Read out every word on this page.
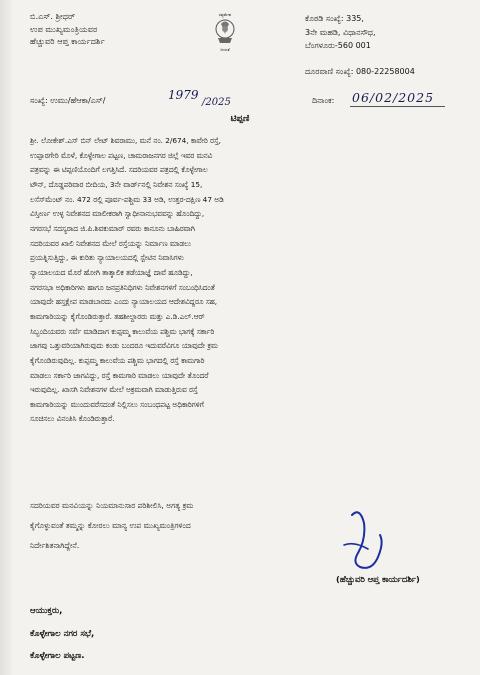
ಬಿ.ಎಸ್. ಶ್ರೀಧರ್
ಉಪ ಮುಖ್ಯಮಂತ್ರಿಯವರ
ಹೆಚ್ಚುವರಿ ಆಪ್ತ ಕಾರ್ಯದರ್ಶಿ
ಸತ್ಯಮೇವ
ಜಯತೆ
ಕೊಠಡಿ ಸಂಖ್ಯೆ: 335,
3ನೇ ಮಹಡಿ, ವಿಧಾನಸೌಧ,
ಬೆಂಗಳೂರು-560 001
ದೂರವಾಣಿ ಸಂಖ್ಯೆ: 080-22258004
ಸಂಖ್ಯೆ: ಉಮು/ಹೆಆಕಾ/ಎಸ್/	1979
/2025	ದಿನಾಂಕ: 06/02/2025
ಟಿಪ್ಪಣಿ
ಶ್ರೀ. ಲೋಕೇಶ್.ಎಸ್ ಬಿನ್ ಲೇಟ್ ಶಿವರಾಮು, ಮನೆ ನಂ. 2/674, ಕಾವೇರಿ ರಸ್ತೆ,
ಉಪ್ಪಾರಗೇರಿ ಮೊಳೆ, ಕೊಳ್ಳೇಗಾಲ ಪಟ್ಟಣ, ಚಾಮರಾಜನಗರ ಜಿಲ್ಲೆ ಇವರ ಮನವಿ
ಪತ್ರವನ್ನು ಈ ಟಿಪ್ಪಣಿಯೊಂದಿಗೆ ಲಗತ್ತಿಸಿದೆ. ಸದರಿಯವರ ಪತ್ರದಲ್ಲಿ ಕೊಳ್ಳೇಗಾಲ
ಟೌನ್, ದೊಡ್ಡಪರಿವಾರ ಬೀದಿಯ, 3ನೇ ವಾರ್ಡ್‌ನಲ್ಲಿ ನಿವೇಶನ ಸಂಖ್ಯೆ 15,
ಲಸೆಸ್‌ಮೆಂಟ್ ನಂ. 472 ರಲ್ಲಿ ಪೂರ್ವ-ಪಶ್ಚಿಮ 33 ಅಡಿ, ಉತ್ತರ-ದಕ್ಷಿಣ 47 ಅಡಿ
ವಿಸ್ತೀರ್ಣ ಉಳ್ಳ ನಿವೇಶನದ ಮಾಲೀಕರಾಗಿ ಸ್ವಾಧೀನಾನುಭವವನ್ನು ಹೊಂದಿದ್ದು,
ನಗರಸಭೆ ಸದಸ್ಯರಾದ ಜಿ.ಪಿ.ಶಿವಕುಮಾರ್ ರವರು ಕಾನೂನು ಬಾಹಿರವಾಗಿ
ಸದರಿಯವರ ಖಾಲಿ ನಿವೇಶನದ ಮೇಲೆ ರಸ್ತೆಯನ್ನು ನಿರ್ಮಾಣ ಮಾಡಲು
ಪ್ರಯತ್ನಿಸುತ್ತಿದ್ದು, ಈ ಕುರಿತು ನ್ಯಾಯಾಲಯದಲ್ಲಿ ಸ್ಟೇಟಿನ ನಿವಾಸಿಗಳು
ನ್ಯಾಯಾಲಯದ ಮೊರೆ ಹೋಗಿ ತಾತ್ಕಾಲಿಕ ತಡೆಯಾಜ್ಞೆ ದಾವೆ ಹೂಡಿದ್ದು,
ನಗರಸಭಾ ಅಧಿಕಾರಿಗಳು ಹಾಗೂ ಜನಪ್ರತಿನಿಧಿಗಳು ನಿವೇಶನಗಳಿಗೆ ಸಂಬಂಧಿಸಿದಂತೆ
ಯಾವುದೇ ಹಸ್ತಕ್ಷೇಪ ಮಾಡಬಾರದು ಎಂದು ನ್ಯಾಯಾಲಯದ ಆದೇಶವಿದ್ದರೂ ಸಹ,
ಕಾಮಗಾರಿಯನ್ನು ಕೈಗೊಂಡಿರುತ್ತಾರೆ. ತಹಶೀಲ್ದಾರರು ಮತ್ತು ಎ.ಡಿ.ಎಲ್.ಆರ್
ಸಿಬ್ಬಂದಿಯವರು ಸರ್ವೆ ಮಾಡಿದಾಗ ಕುಪ್ಪಮ್ಮ ಕಾಲುವೆಯ ಪಶ್ಚಿಮ ಭಾಗಕ್ಕೆ ಸರ್ಕಾರಿ
ಜಾಗವು ಒತ್ತುವರಿಯಾಗಿರುವುದು ಕಂಡು ಬಂದರೂ ಇದುವರೆವಿಗೂ ಯಾವುದೇ ಕ್ರಮ
ಕೈಗೊಂಡಿರುವುದಿಲ್ಲ. ಕುಪ್ಪಮ್ಮ ಕಾಲುವೆಯ ಪಶ್ಚಿಮ ಭಾಗದಲ್ಲಿ ರಸ್ತೆ ಕಾಮಗಾರಿ
ಮಾಡಲು ಸರ್ಕಾರಿ ಜಾಗವಿದ್ದು, ರಸ್ತೆ ಕಾಮಗಾರಿ ಮಾಡಲು ಯಾವುದೇ ತೊಂದರೆ
ಇರುವುದಿಲ್ಲ. ಖಾಸಗಿ ನಿವೇಶನಗಳ ಮೇಲೆ ಅಕ್ರಮವಾಗಿ ಮಾಡುತ್ತಿರುವ ರಸ್ತೆ
ಕಾಮಗಾರಿಯನ್ನು ಮುಂದುವರೆಸದಂತೆ ನಿಲ್ಲಿಸಲು ಸಂಬಂಧಪಟ್ಟ ಅಧಿಕಾರಿಗಳಿಗೆ
ಸೂಚಿಸಲು ವಿನಂತಿಸಿ ಕೊಂಡಿರುತ್ತಾರೆ.
ಸದರಿಯವರ ಮನವಿಯನ್ನು ನಿಯಮಾನುಸಾರ ಪರಿಶೀಲಿಸಿ, ಅಗತ್ಯ ಕ್ರಮ
ಕೈಗೊಳ್ಳುವಂತೆ ತಮ್ಮನ್ನು ಕೋರಲು ಮಾನ್ಯ ಉಪ ಮುಖ್ಯಮಂತ್ರಿಗಳಿಂದ
ನಿರ್ದೇಶಿತನಾಗಿದ್ದೇನೆ.
(ಹೆಚ್ಚುವರಿ ಆಪ್ತ ಕಾರ್ಯದರ್ಶಿ)
ಆಯುಕ್ತರು,
ಕೊಳ್ಳೇಗಾಲ ನಗರ ಸಭೆ,
ಕೊಳ್ಳೇಗಾಲ ಪಟ್ಟಣ.
